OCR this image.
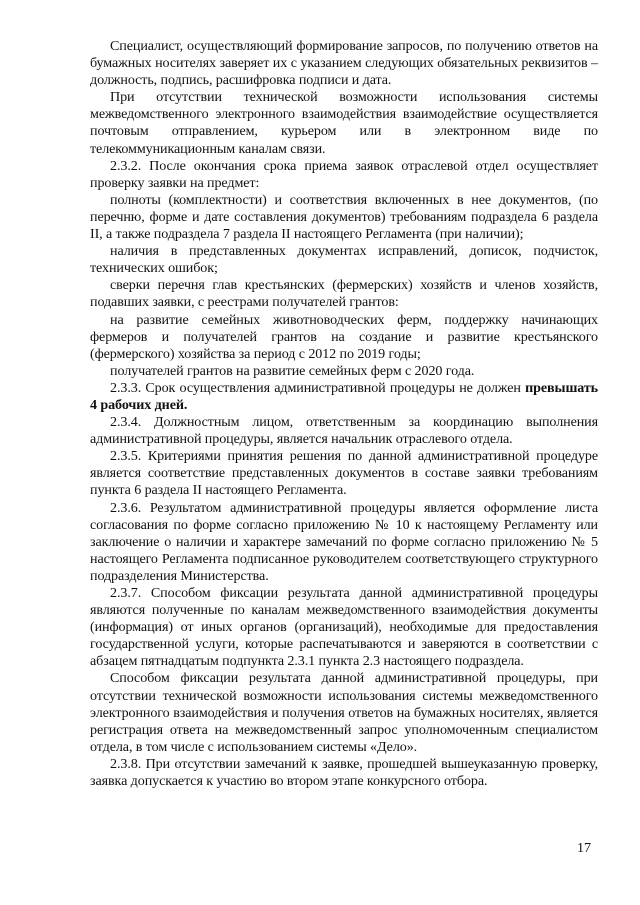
Специалист, осуществляющий формирование запросов, по получению ответов на бумажных носителях заверяет их с указанием следующих обязательных реквизитов – должность, подпись, расшифровка подписи и дата.

При отсутствии технической возможности использования системы межведомственного электронного взаимодействия взаимодействие осуществляется почтовым отправлением, курьером или в электронном виде по телекоммуникационным каналам связи.

2.3.2. После окончания срока приема заявок отраслевой отдел осуществляет проверку заявки на предмет:

полноты (комплектности) и соответствия включенных в нее документов, (по перечню, форме и дате составления документов) требованиям подраздела 6 раздела II, а также подраздела 7 раздела II настоящего Регламента (при наличии);

наличия в представленных документах исправлений, дописок, подчисток, технических ошибок;

сверки перечня глав крестьянских (фермерских) хозяйств и членов хозяйств, подавших заявки, с реестрами получателей грантов:

на развитие семейных животноводческих ферм, поддержку начинающих фермеров и получателей грантов на создание и развитие крестьянского (фермерского) хозяйства за период с 2012 по 2019 годы;

получателей грантов на развитие семейных ферм с 2020 года.

2.3.3. Срок осуществления административной процедуры не должен превышать 4 рабочих дней.

2.3.4. Должностным лицом, ответственным за координацию выполнения административной процедуры, является начальник отраслевого отдела.

2.3.5. Критериями принятия решения по данной административной процедуре является соответствие представленных документов в составе заявки требованиям пункта 6 раздела II настоящего Регламента.

2.3.6. Результатом административной процедуры является оформление листа согласования по форме согласно приложению № 10 к настоящему Регламенту или заключение о наличии и характере замечаний по форме согласно приложению № 5 настоящего Регламента подписанное руководителем соответствующего структурного подразделения Министерства.

2.3.7. Способом фиксации результата данной административной процедуры являются полученные по каналам межведомственного взаимодействия документы (информация) от иных органов (организаций), необходимые для предоставления государственной услуги, которые распечатываются и заверяются в соответствии с абзацем пятнадцатым подпункта 2.3.1 пункта 2.3 настоящего подраздела.

Способом фиксации результата данной административной процедуры, при отсутствии технической возможности использования системы межведомственного электронного взаимодействия и получения ответов на бумажных носителях, является регистрация ответа на межведомственный запрос уполномоченным специалистом отдела, в том числе с использованием системы «Дело».

2.3.8. При отсутствии замечаний к заявке, прошедшей вышеуказанную проверку, заявка допускается к участию во втором этапе конкурсного отбора.

17
